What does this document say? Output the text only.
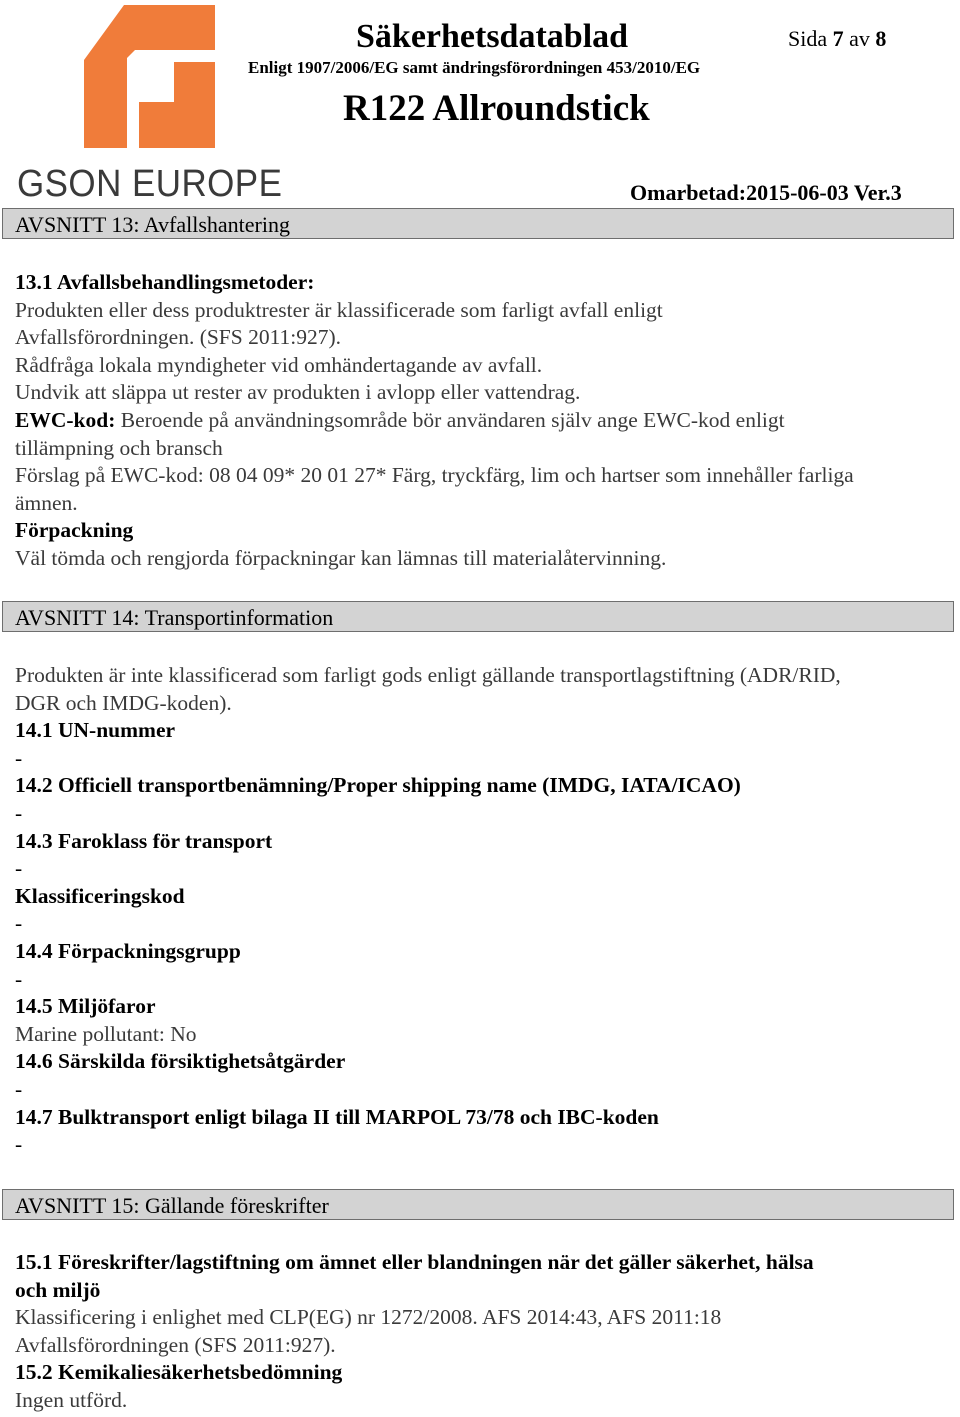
GSON EUROPE
Säkerhetsdatablad	Sida 7 av 8
Enligt 1907/2006/EG samt ändringsförordningen 453/2010/EG
R122 Allroundstick
Omarbetad:2015-06-03 Ver.3
AVSNITT 13: Avfallshantering

13.1 Avfallsbehandlingsmetoder:

Produkten eller dess produktrester är klassificerade som farligt avfall enligt

Avfallsförordningen. (SFS 2011:927).

Rådfråga lokala myndigheter vid omhändertagande av avfall.

Undvik att släppa ut rester av produkten i avlopp eller vattendrag.

EWC-kod: Beroende på användningsområde bör användaren själv ange EWC-kod enligt

tillämpning och bransch

Förslag på EWC-kod: 08 04 09* 20 01 27* Färg, tryckfärg, lim och hartser som innehåller farliga

ämnen.

Förpackning

Väl tömda och rengjorda förpackningar kan lämnas till materialåtervinning.

AVSNITT 14: Transportinformation

Produkten är inte klassificerad som farligt gods enligt gällande transportlagstiftning (ADR/RID,

DGR och IMDG-koden).

14.1 UN-nummer

-

14.2 Officiell transportbenämning/Proper shipping name (IMDG, IATA/ICAO)

-

14.3 Faroklass för transport

-

Klassificeringskod

-

14.4 Förpackningsgrupp

-

14.5 Miljöfaror

Marine pollutant: No

14.6 Särskilda försiktighetsåtgärder

-

14.7 Bulktransport enligt bilaga II till MARPOL 73/78 och IBC-koden

-

AVSNITT 15: Gällande föreskrifter

15.1 Föreskrifter/lagstiftning om ämnet eller blandningen när det gäller säkerhet, hälsa

och miljö

Klassificering i enlighet med CLP(EG) nr 1272/2008. AFS 2014:43, AFS 2011:18

Avfallsförordningen (SFS 2011:927).

15.2 Kemikaliesäkerhetsbedömning

Ingen utförd.
